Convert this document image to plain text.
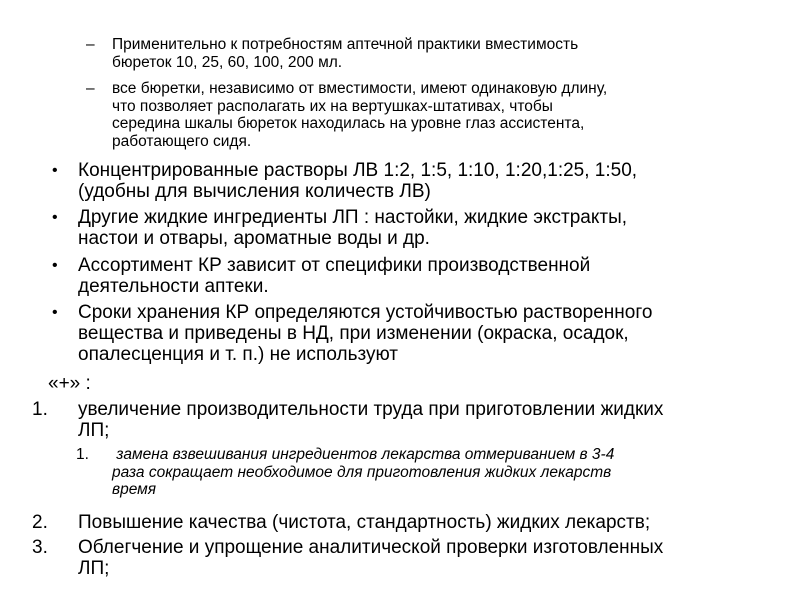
– Применительно к потребностям аптечной практики вместимость
бюреток 10, 25, 60, 100, 200 мл.
– все бюретки, независимо от вместимости, имеют одинаковую длину,
что позволяет располагать их на вертушках-штативах, чтобы
середина шкалы бюреток находилась на уровне глаз ассистента,
работающего сидя.
• Концентрированные растворы ЛВ 1:2, 1:5, 1:10, 1:20,1:25, 1:50,
(удобны для вычисления количеств ЛВ)
• Другие жидкие ингредиенты ЛП : настойки, жидкие экстракты,
настои и отвары, ароматные воды и др.
• Ассортимент КР зависит от специфики производственной
деятельности аптеки.
• Сроки хранения КР определяются устойчивостью растворенного
вещества и приведены в НД, при изменении (окраска, осадок,
опалесценция и т. п.) не используют
«+» :
1. увеличение производительности труда при приготовлении жидких
ЛП;
1. замена взвешивания ингредиентов лекарства отмериванием в 3-4
раза сокращает необходимое для приготовления жидких лекарств
время
2. Повышение качества (чистота, стандартность) жидких лекарств;
3. Облегчение и упрощение аналитической проверки изготовленных
ЛП;
